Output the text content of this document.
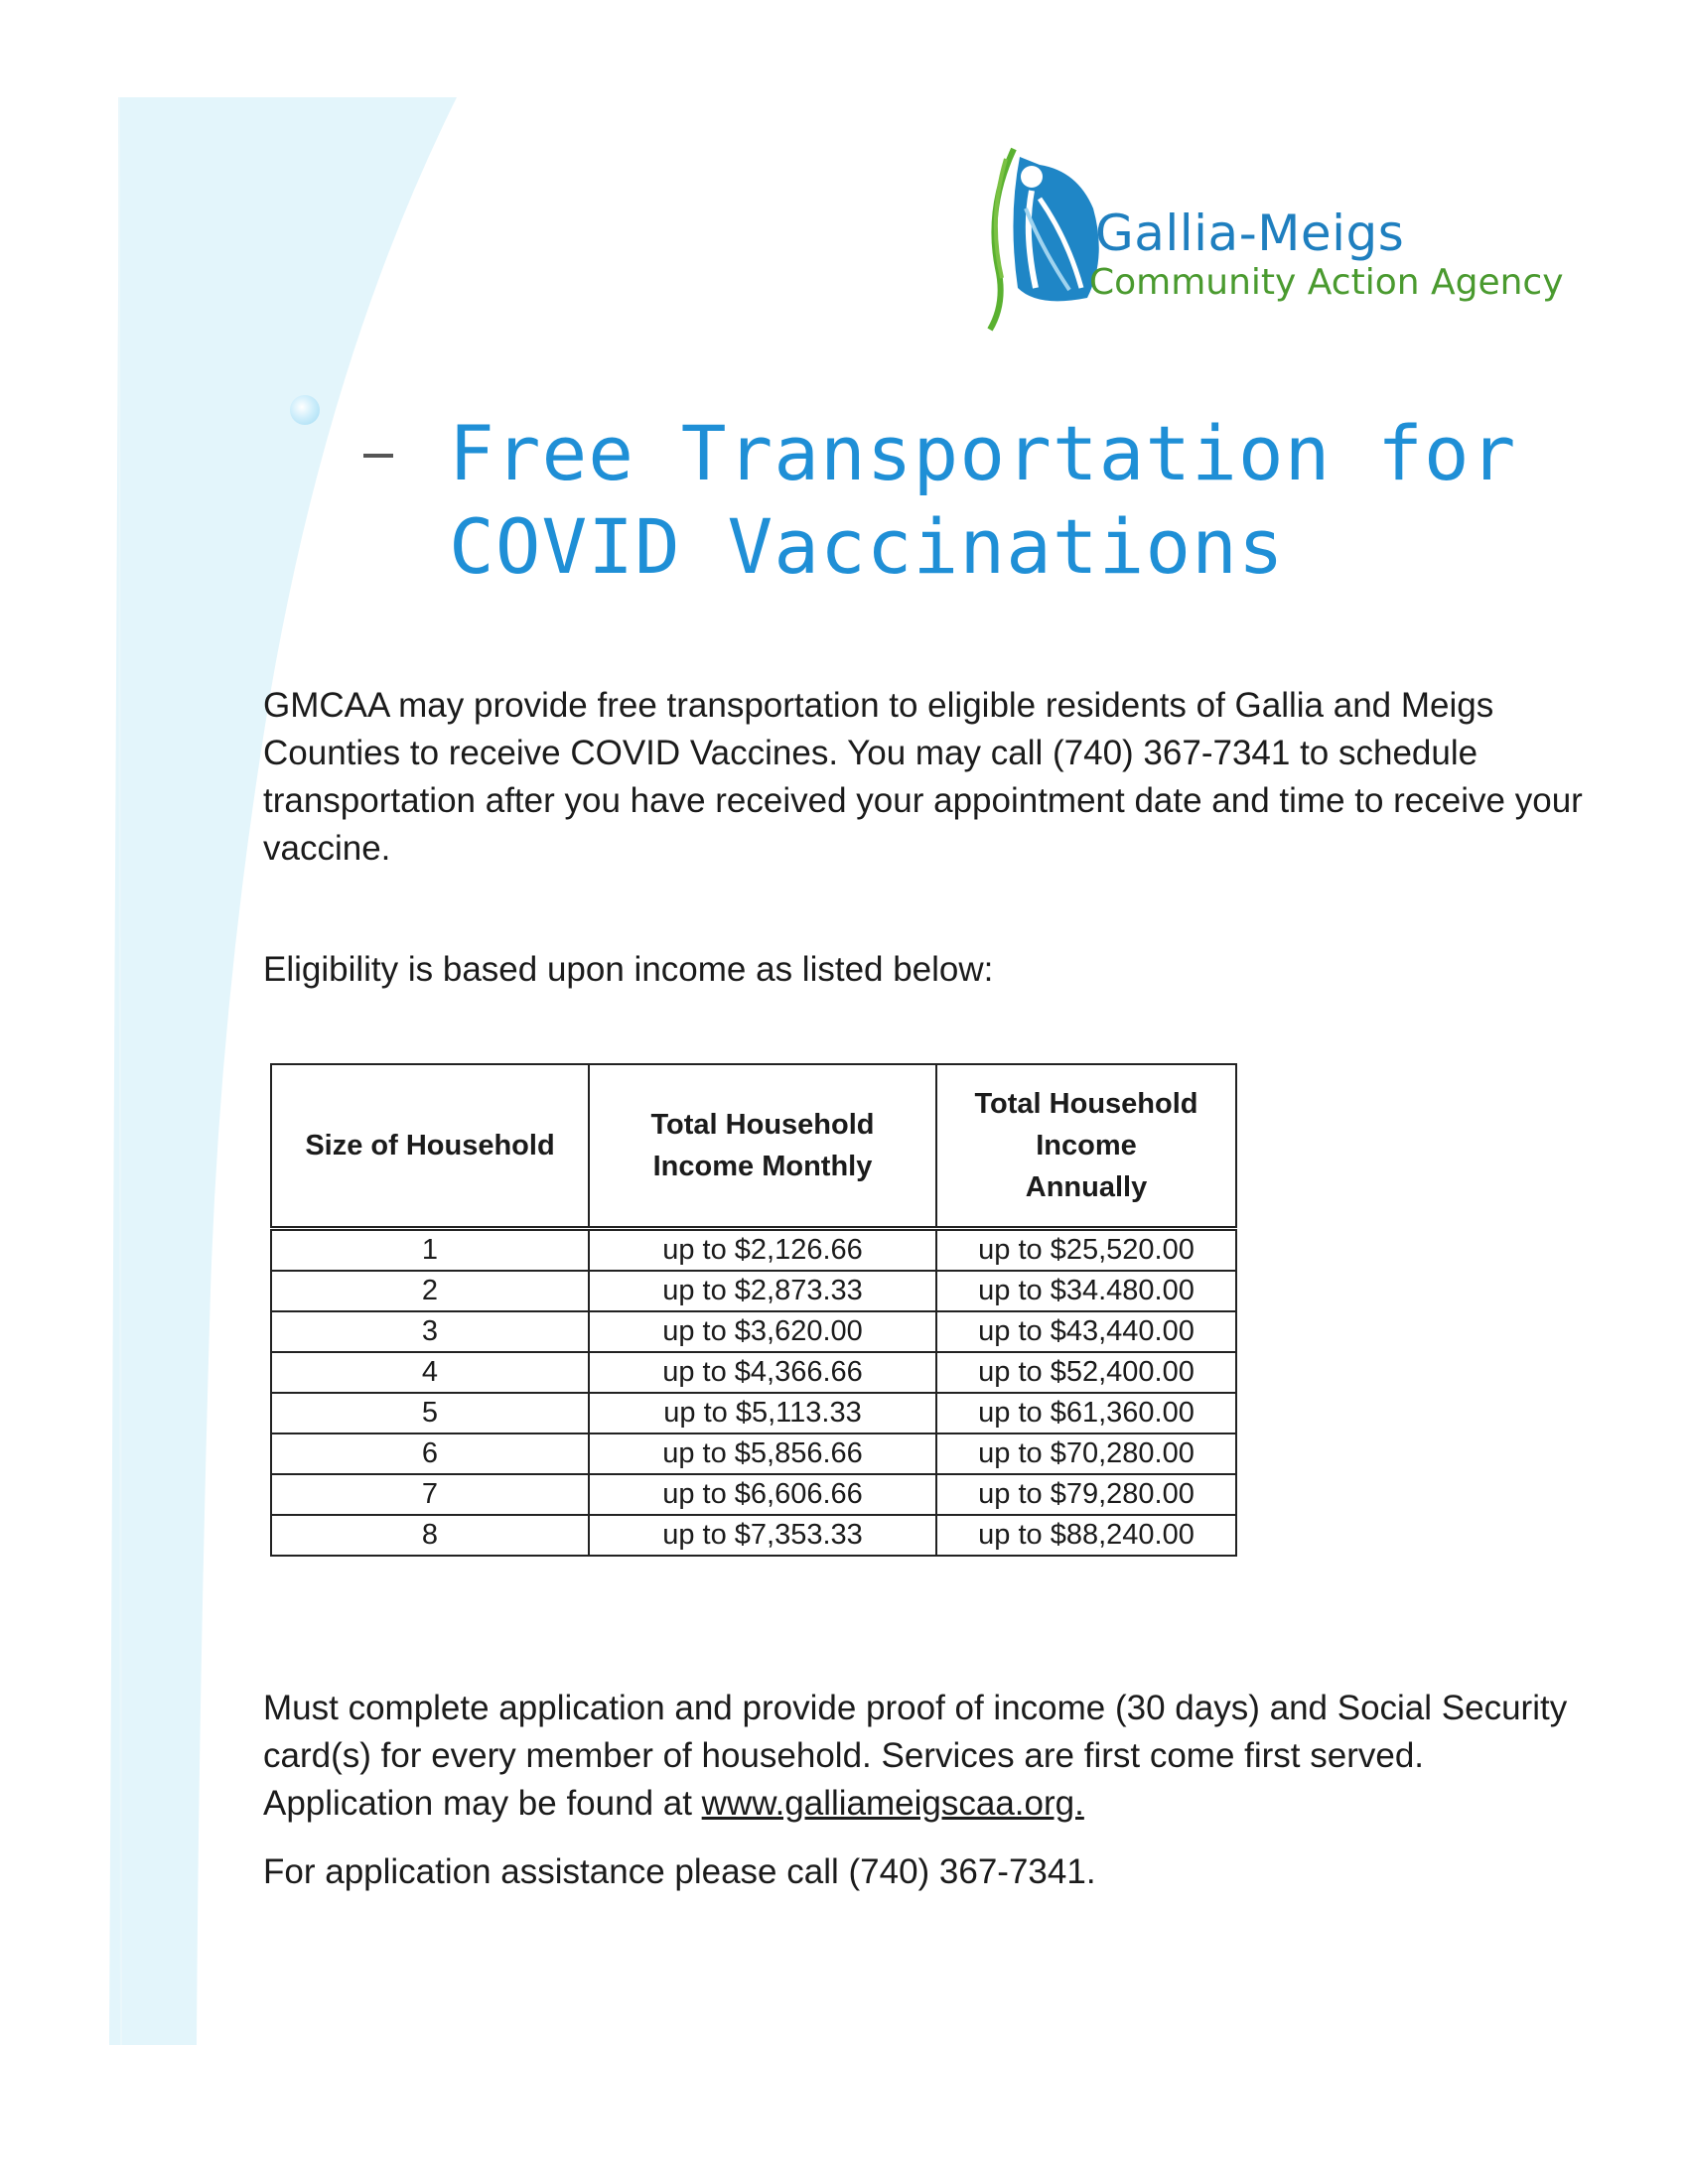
Gallia-Meigs
Community Action Agency
Free Transportation for COVID Vaccinations

GMCAA may provide free transportation to eligible residents of Gallia and Meigs Counties to receive COVID Vaccines. You may call (740) 367-7341 to schedule transportation after you have received your appointment date and time to receive your vaccine.

Eligibility is based upon income as listed below:

Size of Household	Total Household Income Monthly	Total Household Income Annually

1	up to $2,126.66	up to $25,520.00
2	up to $2,873.33	up to $34.480.00
3	up to $3,620.00	up to $43,440.00
4	up to $4,366.66	up to $52,400.00
5	up to $5,113.33	up to $61,360.00
6	up to $5,856.66	up to $70,280.00
7	up to $6,606.66	up to $79,280.00
8	up to $7,353.33	up to $88,240.00

Must complete application and provide proof of income (30 days) and Social Security card(s) for every member of household. Services are first come first served. Application may be found at www.galliameigscaa.org.

For application assistance please call (740) 367-7341.
